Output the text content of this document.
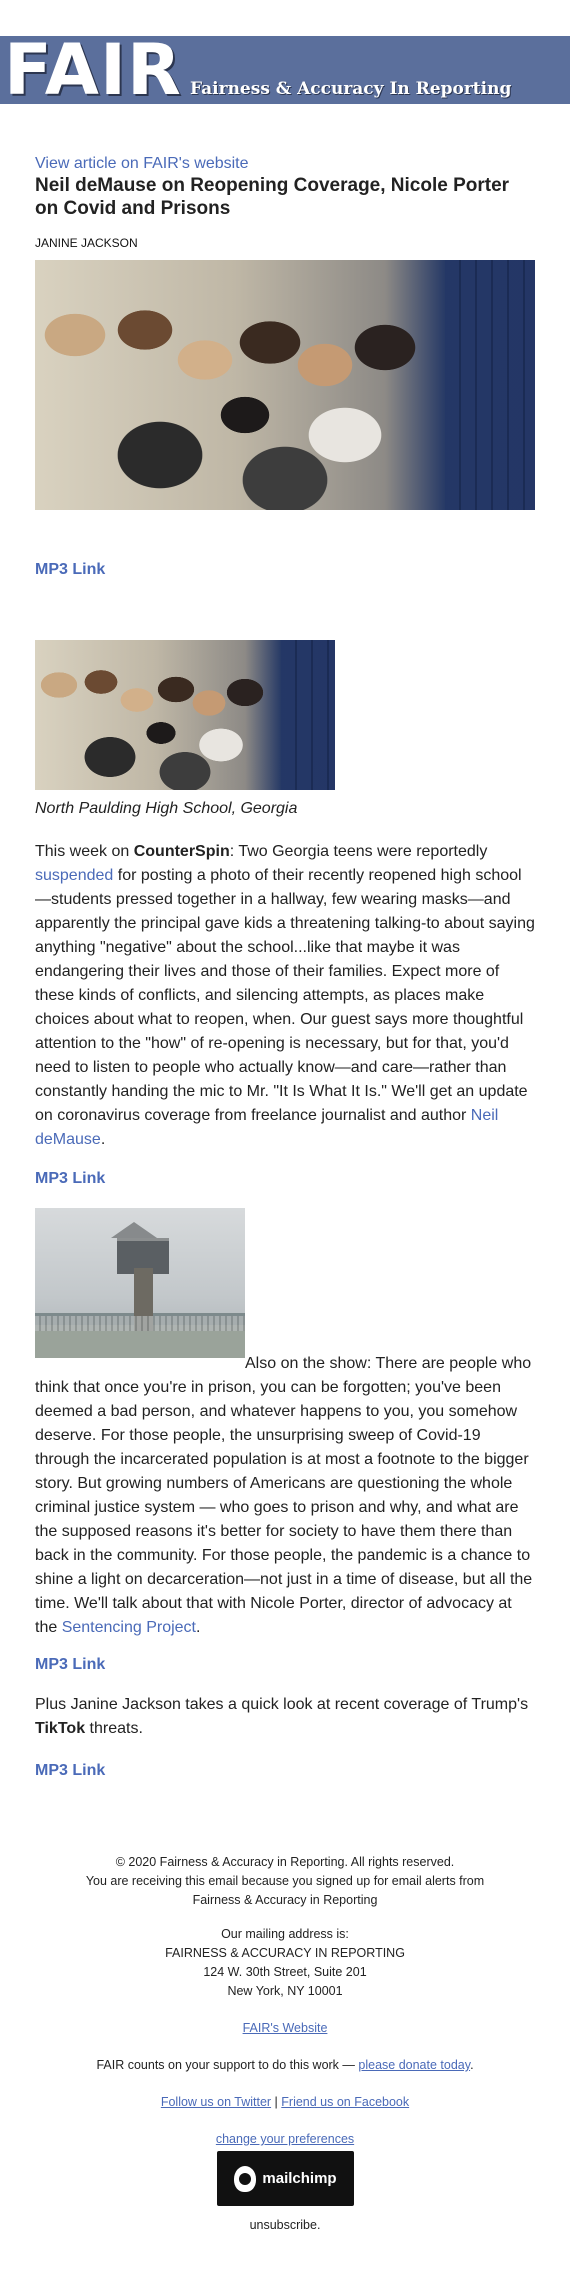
FAIR Fairness & Accuracy In Reporting
View article on FAIR's website
Neil deMause on Reopening Coverage, Nicole Porter on Covid and Prisons
JANINE JACKSON
MP3 Link
North Paulding High School, Georgia

This week on CounterSpin: Two Georgia teens were reportedly suspended for posting a photo of their recently reopened high school—students pressed together in a hallway, few wearing masks—and apparently the principal gave kids a threatening talking-to about saying anything "negative" about the school...like that maybe it was endangering their lives and those of their families. Expect more of these kinds of conflicts, and silencing attempts, as places make choices about what to reopen, when. Our guest says more thoughtful attention to the "how" of re-opening is necessary, but for that, you'd need to listen to people who actually know—and care—rather than constantly handing the mic to Mr. "It Is What It Is." We'll get an update on coronavirus coverage from freelance journalist and author Neil deMause.

MP3 Link

Also on the show: There are people who think that once you're in prison, you can be forgotten; you've been deemed a bad person, and whatever happens to you, you somehow deserve. For those people, the unsurprising sweep of Covid-19 through the incarcerated population is at most a footnote to the bigger story. But growing numbers of Americans are questioning the whole criminal justice system — who goes to prison and why, and what are the supposed reasons it's better for society to have them there than back in the community. For those people, the pandemic is a chance to shine a light on decarceration—not just in a time of disease, but all the time. We'll talk about that with Nicole Porter, director of advocacy at the Sentencing Project.

MP3 Link

Plus Janine Jackson takes a quick look at recent coverage of Trump's TikTok threats.

MP3 Link
© 2020 Fairness & Accuracy in Reporting. All rights reserved.
You are receiving this email because you signed up for email alerts from
Fairness & Accuracy in Reporting
Our mailing address is:
FAIRNESS & ACCURACY IN REPORTING
124 W. 30th Street, Suite 201
New York, NY 10001
FAIR's Website
FAIR counts on your support to do this work — please donate today.
Follow us on Twitter | Friend us on Facebook
change your preferences
mailchimp
unsubscribe.
